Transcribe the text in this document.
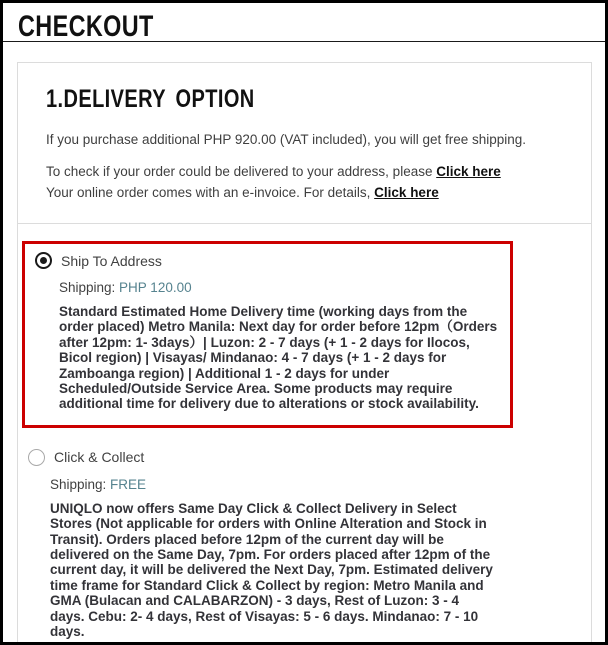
CHECKOUT
1.DELIVERY OPTION

If you purchase additional PHP 920.00 (VAT included), you will get free shipping.

To check if your order could be delivered to your address, please Click here

Your online order comes with an e-invoice. For details, Click here

Ship To Address
Shipping: PHP 120.00

Standard Estimated Home Delivery time (working days from the order placed) Metro Manila: Next day for order before 12pm（Orders after 12pm: 1- 3days）| Luzon: 2 - 7 days (+ 1 - 2 days for Ilocos, Bicol region) | Visayas/ Mindanao: 4 - 7 days (+ 1 - 2 days for Zamboanga region) | Additional 1 - 2 days for under Scheduled/Outside Service Area. Some products may require additional time for delivery due to alterations or stock availability.

Click & Collect
Shipping: FREE

UNIQLO now offers Same Day Click & Collect Delivery in Select Stores (Not applicable for orders with Online Alteration and Stock in Transit). Orders placed before 12pm of the current day will be delivered on the Same Day, 7pm. For orders placed after 12pm of the current day, it will be delivered the Next Day, 7pm. Estimated delivery time frame for Standard Click & Collect by region: Metro Manila and GMA (Bulacan and CALABARZON) - 3 days, Rest of Luzon: 3 - 4 days. Cebu: 2- 4 days, Rest of Visayas: 5 - 6 days. Mindanao: 7 - 10 days.
